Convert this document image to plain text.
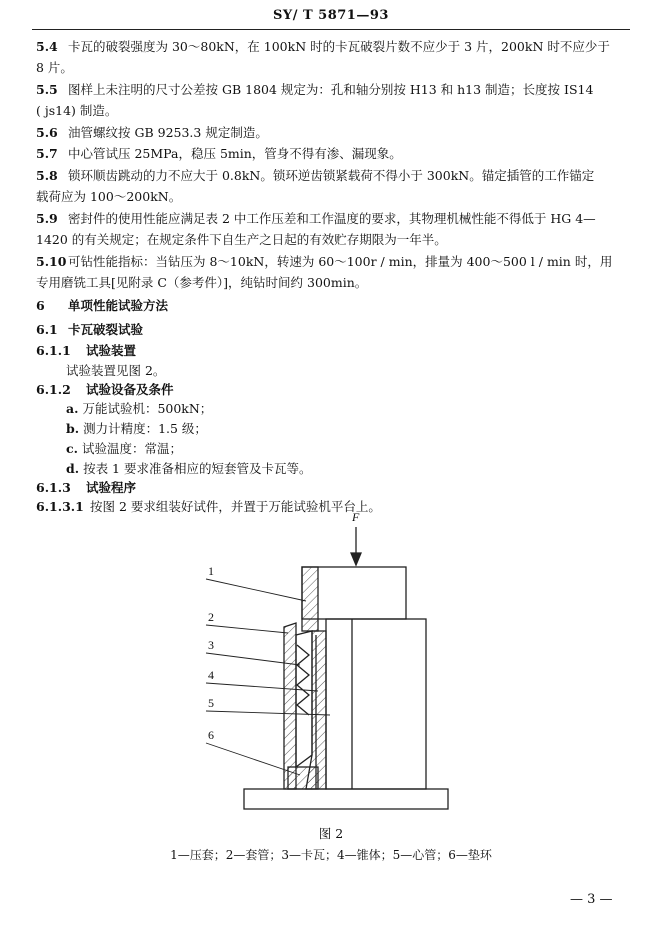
SY/ T 5871—93
5.4 卡瓦的破裂强度为 30～80kN，在 100kN 时的卡瓦破裂片数不应少于 3 片，200kN 时不应少于
8 片。
5.5 图样上未注明的尺寸公差按 GB 1804 规定为：孔和轴分别按 H13 和 h13 制造；长度按 IS14
( js14) 制造。
5.6 油管螺纹按 GB 9253.3 规定制造。
5.7 中心管试压 25MPa，稳压 5min，管身不得有渗、漏现象。
5.8 锁环顺齿跳动的力不应大于 0.8kN。锁环逆齿锁紧载荷不得小于 300kN。锚定插管的工作锚定
载荷应为 100～200kN。
5.9 密封件的使用性能应满足表 2 中工作压差和工作温度的要求，其物理机械性能不得低于 HG 4—
1420 的有关规定；在规定条件下自生产之日起的有效贮存期限为一年半。
5.10 可钻性能指标：当钻压为 8～10kN，转速为 60～100r / min，排量为 400～500 l / min 时，用
专用磨铣工具[见附录 C（参考件）]，纯钻时间约 300min。
6 单项性能试验方法
6.1 卡瓦破裂试验
6.1.1 试验装置
试验装置见图 2。
6.1.2 试验设备及条件
a. 万能试验机：500kN；
b. 测力计精度：1.5 级；
c. 试验温度：常温；
d. 按表 1 要求准备相应的短套管及卡瓦等。
6.1.3 试验程序
6.1.3.1 按图 2 要求组装好试件，并置于万能试验机平台上。
F
1
2
3
4
5
6
图 2
1—压套；2—套管；3—卡瓦；4—锥体；5—心管；6—垫环
— 3 —
